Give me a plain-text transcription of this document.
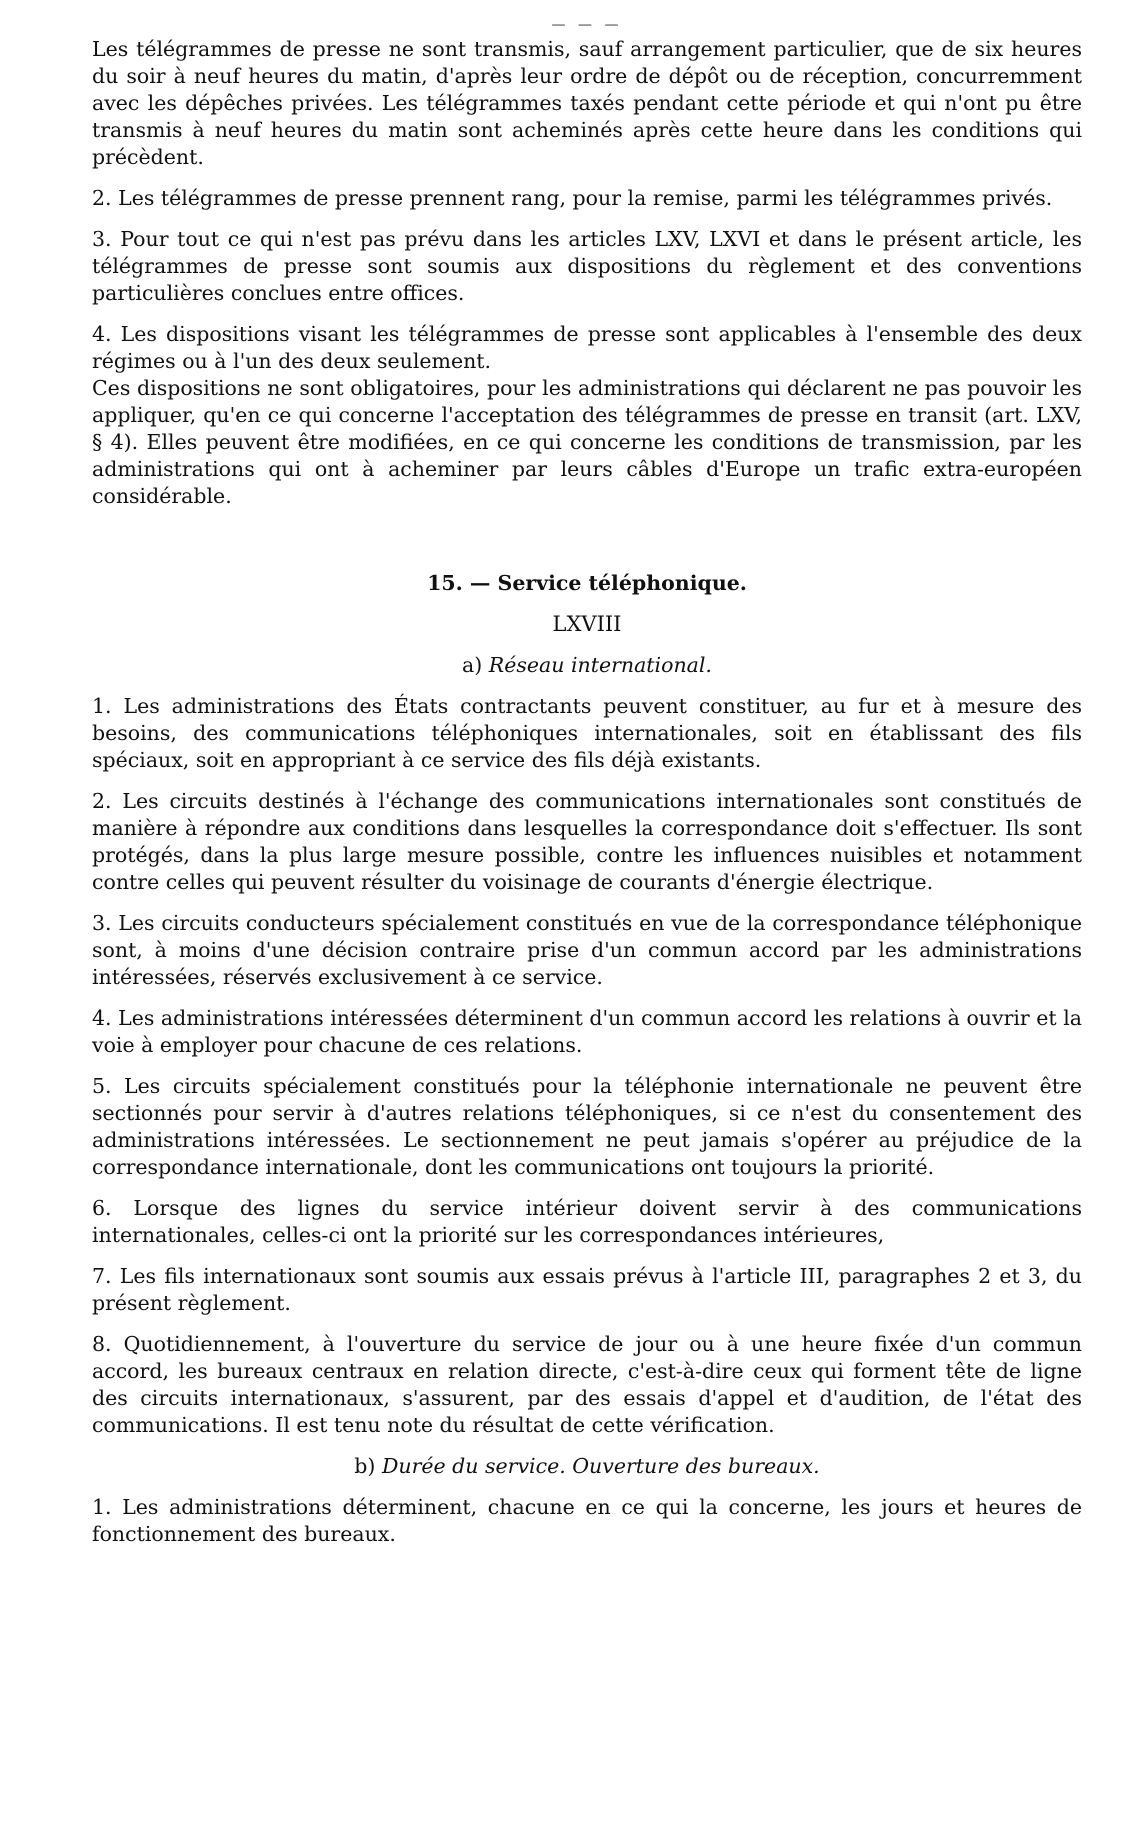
— — —

Les télégrammes de presse ne sont transmis, sauf arrangement particulier, que de six heures du soir à neuf heures du matin, d'après leur ordre de dépôt ou de réception, concurremment avec les dépêches privées. Les télégrammes taxés pendant cette période et qui n'ont pu être transmis à neuf heures du matin sont acheminés après cette heure dans les conditions qui précèdent.

2. Les télégrammes de presse prennent rang, pour la remise, parmi les télégrammes privés.

3. Pour tout ce qui n'est pas prévu dans les articles LXV, LXVI et dans le présent article, les télégrammes de presse sont soumis aux dispositions du règlement et des conventions particulières conclues entre offices.

4. Les dispositions visant les télégrammes de presse sont applicables à l'ensemble des deux régimes ou à l'un des deux seulement.

Ces dispositions ne sont obligatoires, pour les administrations qui déclarent ne pas pouvoir les appliquer, qu'en ce qui concerne l'acceptation des télégrammes de presse en transit (art. LXV, § 4). Elles peuvent être modifiées, en ce qui concerne les conditions de transmission, par les administrations qui ont à acheminer par leurs câbles d'Europe un trafic extra-européen considérable.

15. — Service téléphonique.
LXVIII
a) Réseau international.

1. Les administrations des États contractants peuvent constituer, au fur et à mesure des besoins, des communications téléphoniques internationales, soit en établissant des fils spéciaux, soit en appropriant à ce service des fils déjà existants.

2. Les circuits destinés à l'échange des communications internationales sont constitués de manière à répondre aux conditions dans lesquelles la correspondance doit s'effectuer. Ils sont protégés, dans la plus large mesure possible, contre les influences nuisibles et notamment contre celles qui peuvent résulter du voisinage de courants d'énergie électrique.

3. Les circuits conducteurs spécialement constitués en vue de la correspondance téléphonique sont, à moins d'une décision contraire prise d'un commun accord par les administrations intéressées, réservés exclusivement à ce service.

4. Les administrations intéressées déterminent d'un commun accord les relations à ouvrir et la voie à employer pour chacune de ces relations.

5. Les circuits spécialement constitués pour la téléphonie internationale ne peuvent être sectionnés pour servir à d'autres relations téléphoniques, si ce n'est du consentement des administrations intéressées. Le sectionnement ne peut jamais s'opérer au préjudice de la correspondance internationale, dont les communications ont toujours la priorité.

6. Lorsque des lignes du service intérieur doivent servir à des communications internationales, celles-ci ont la priorité sur les correspondances intérieures,

7. Les fils internationaux sont soumis aux essais prévus à l'article III, paragraphes 2 et 3, du présent règlement.

8. Quotidiennement, à l'ouverture du service de jour ou à une heure fixée d'un commun accord, les bureaux centraux en relation directe, c'est-à-dire ceux qui forment tête de ligne des circuits internationaux, s'assurent, par des essais d'appel et d'audition, de l'état des communications. Il est tenu note du résultat de cette vérification.

b) Durée du service. Ouverture des bureaux.

1. Les administrations déterminent, chacune en ce qui la concerne, les jours et heures de fonctionnement des bureaux.
